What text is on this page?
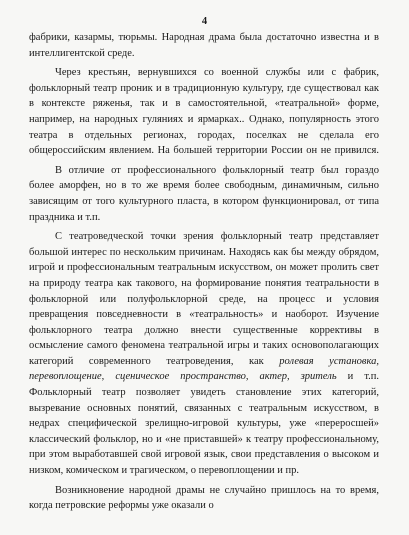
4

фабрики, казармы, тюрьмы. Народная драма была достаточно известна и в
интеллигентской среде.

Через крестьян, вернувшихся со военной службы или с фабрик,
фольклорный театр проник и в традиционную культуру, где существовал как
в контексте ряженья, так и в самостоятельной, «театральной» форме,
например, на народных гуляниях и ярмарках.. Однако, популярность этого
театра в отдельных регионах, городах, поселках не сделала его
общероссийским явлением. На большей территории России он не привился.

В отличие от профессионального фольклорный театр был гораздо
более аморфен, но в то же время более свободным, динамичным, сильно
зависящим от того культурного пласта, в котором функционировал, от типа
праздника и т.п.

С театроведческой точки зрения фольклорный театр представляет
большой интерес по нескольким причинам. Находясь как бы между обрядом,
игрой и профессиональным театральным искусством, он может пролить свет
на природу театра как такового, на формирование понятия театральности в
фольклорной или полуфольклорной среде, на процесс и условия
превращения повседневности в «театральность» и наоборот. Изучение
фольклорного театра должно внести существенные коррективы в
осмысление самого феномена театральной игры и таких основополагающих
категорий современного театроведения, как ролевая установка,
перевоплощение, сценическое пространство, актер, зритель и т.п.
Фольклорный театр позволяет увидеть становление этих категорий,
вызревание основных понятий, связанных с театральным искусством, в
недрах специфической зрелищно-игровой культуры, уже «переросшей»
классический фольклор, но и «не приставшей» к театру профессиональному,
при этом выработавшей свой игровой язык, свои представления о высоком и
низком, комическом и трагическом, о перевоплощении и пр.

Возникновение народной драмы не случайно пришлось на то время,
когда петровские реформы уже оказали о
